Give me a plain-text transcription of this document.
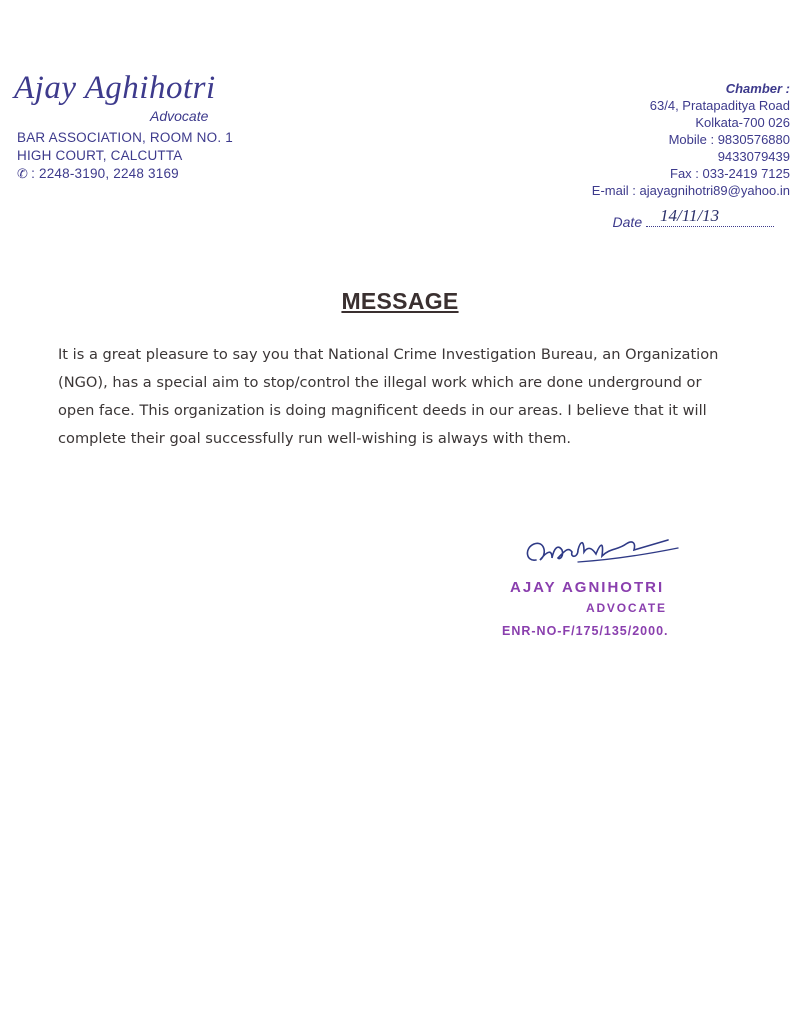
Ajay Aghihotri
Advocate
BAR ASSOCIATION, ROOM NO. 1
HIGH COURT, CALCUTTA
✆ : 2248-3190, 2248 3169
Chamber :
63/4, Pratapaditya Road
Kolkata-700 026
Mobile : 9830576880
9433079439
Fax : 033-2419 7125
E-mail : ajayagnihotri89@yahoo.in
Date 14/11/13
MESSAGE
It is a great pleasure to say you that National Crime Investigation Bureau, an Organization (NGO), has a special aim to stop/control the illegal work which are done underground or open face. This organization is doing magnificent deeds in our areas. I believe that it will complete their goal successfully run well-wishing is always with them.
AJAY AGNIHOTRI
ADVOCATE
ENR-NO-F/175/135/2000.
